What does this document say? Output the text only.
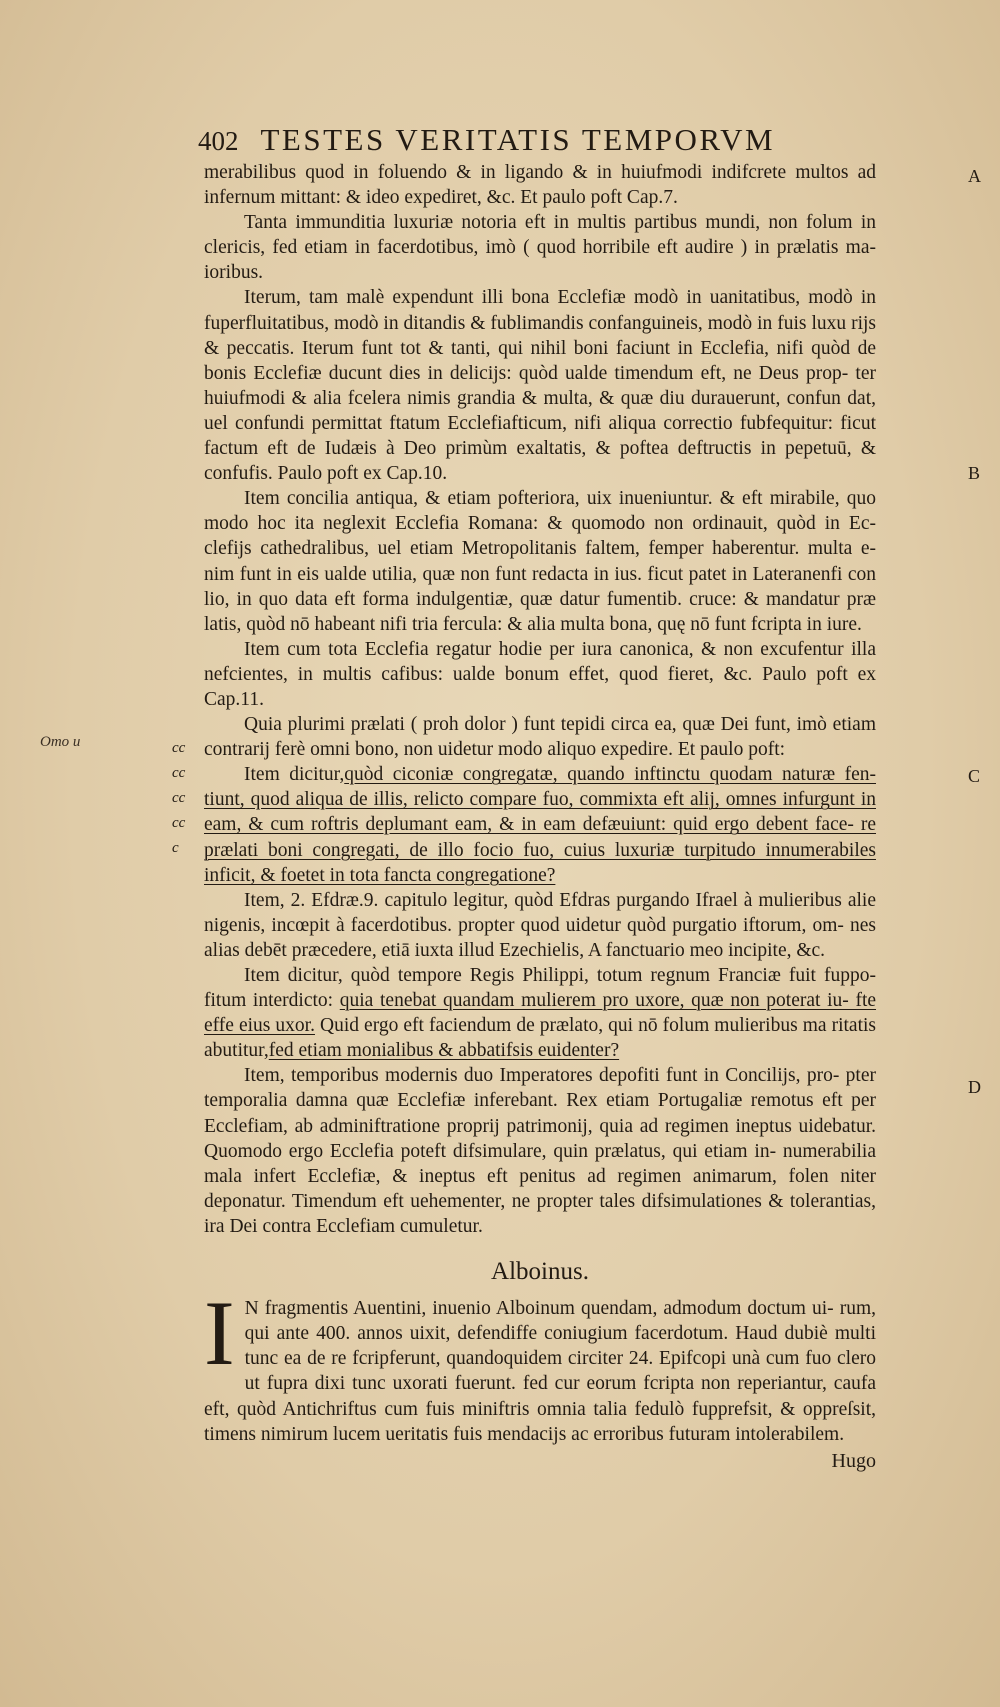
402 TESTES VERITATIS TEMPORVM
A
B
C
D
Omo u	cc
cc
cc
cc
c

merabilibus quod in foluendo & in ligando & in huiufmodi indifcrete multos ad infernum mittant: & ideo expediret, &c. Et paulo poft Cap.7.

Tanta immunditia luxuriæ notoria eft in multis partibus mundi, non folum in clericis, fed etiam in facerdotibus, imò ( quod horribile eft audire ) in prælatis ma- ioribus.

Iterum, tam malè expendunt illi bona Ecclefiæ modò in uanitatibus, modò in fuperfluitatibus, modò in ditandis & fublimandis confanguineis, modò in fuis luxu rijs & peccatis. Iterum funt tot & tanti, qui nihil boni faciunt in Ecclefia, nifi quòd de bonis Ecclefiæ ducunt dies in delicijs: quòd ualde timendum eft, ne Deus prop- ter huiufmodi & alia fcelera nimis grandia & multa, & quæ diu durauerunt, confun dat, uel confundi permittat ftatum Ecclefiafticum, nifi aliqua correctio fubfequitur: ficut factum eft de Iudæis à Deo primùm exaltatis, & poftea deftructis in pepetuū, & confufis. Paulo poft ex Cap.10.

Item concilia antiqua, & etiam pofteriora, uix inueniuntur. & eft mirabile, quo modo hoc ita neglexit Ecclefia Romana: & quomodo non ordinauit, quòd in Ec- clefijs cathedralibus, uel etiam Metropolitanis faltem, femper haberentur. multa e- nim funt in eis ualde utilia, quæ non funt redacta in ius. ficut patet in Lateranenfi con lio, in quo data eft forma indulgentiæ, quæ datur fumentib. cruce: & mandatur præ latis, quòd nō habeant nifi tria fercula: & alia multa bona, quę nō funt fcripta in iure.

Item cum tota Ecclefia regatur hodie per iura canonica, & non excufentur illa nefcientes, in multis cafibus: ualde bonum effet, quod fieret, &c. Paulo poft ex Cap.11.

Quia plurimi prælati ( proh dolor ) funt tepidi circa ea, quæ Dei funt, imò etiam contrarij ferè omni bono, non uidetur modo aliquo expedire. Et paulo poft:

Item dicitur,quòd ciconiæ congregatæ, quando inftinctu quodam naturæ fen- tiunt, quod aliqua de illis, relicto compare fuo, commixta eft alij, omnes infurgunt in eam, & cum roftris deplumant eam, & in eam defæuiunt: quid ergo debent face- re prælati boni congregati, de illo focio fuo, cuius luxuriæ turpitudo innumerabiles inficit, & foetet in tota fancta congregatione?

Item, 2. Efdræ.9. capitulo legitur, quòd Efdras purgando Ifrael à mulieribus alie nigenis, incœpit à facerdotibus. propter quod uidetur quòd purgatio iftorum, om- nes alias debēt præcedere, etiā iuxta illud Ezechielis, A fanctuario meo incipite, &c.

Item dicitur, quòd tempore Regis Philippi, totum regnum Franciæ fuit fuppo- fitum interdicto: quia tenebat quandam mulierem pro uxore, quæ non poterat iu- fte effe eius uxor. Quid ergo eft faciendum de prælato, qui nō folum mulieribus ma ritatis abutitur,fed etiam monialibus & abbatifsis euidenter?

Item, temporibus modernis duo Imperatores depofiti funt in Concilijs, pro- pter temporalia damna quæ Ecclefiæ inferebant. Rex etiam Portugaliæ remotus eft per Ecclefiam, ab adminiftratione proprij patrimonij, quia ad regimen ineptus uidebatur. Quomodo ergo Ecclefia poteft difsimulare, quin prælatus, qui etiam in- numerabilia mala infert Ecclefiæ, & ineptus eft penitus ad regimen animarum, folen niter deponatur. Timendum eft uehementer, ne propter tales difsimulationes & tolerantias, ira Dei contra Ecclefiam cumuletur.

Alboinus.

I N fragmentis Auentini, inuenio Alboinum quendam, admodum doctum ui- rum, qui ante 400. annos uixit, defendiffe coniugium facerdotum. Haud dubiè multi tunc ea de re fcripferunt, quandoquidem circiter 24. Epifcopi unà cum fuo clero ut fupra dixi tunc uxorati fuerunt. fed cur eorum fcripta non reperiantur, caufa eft, quòd Antichriftus cum fuis miniftris omnia talia fedulò fupprefsit, & oppreſsit, timens nimirum lucem ueritatis fuis mendacijs ac erroribus futuram intolerabilem.

Hugo
